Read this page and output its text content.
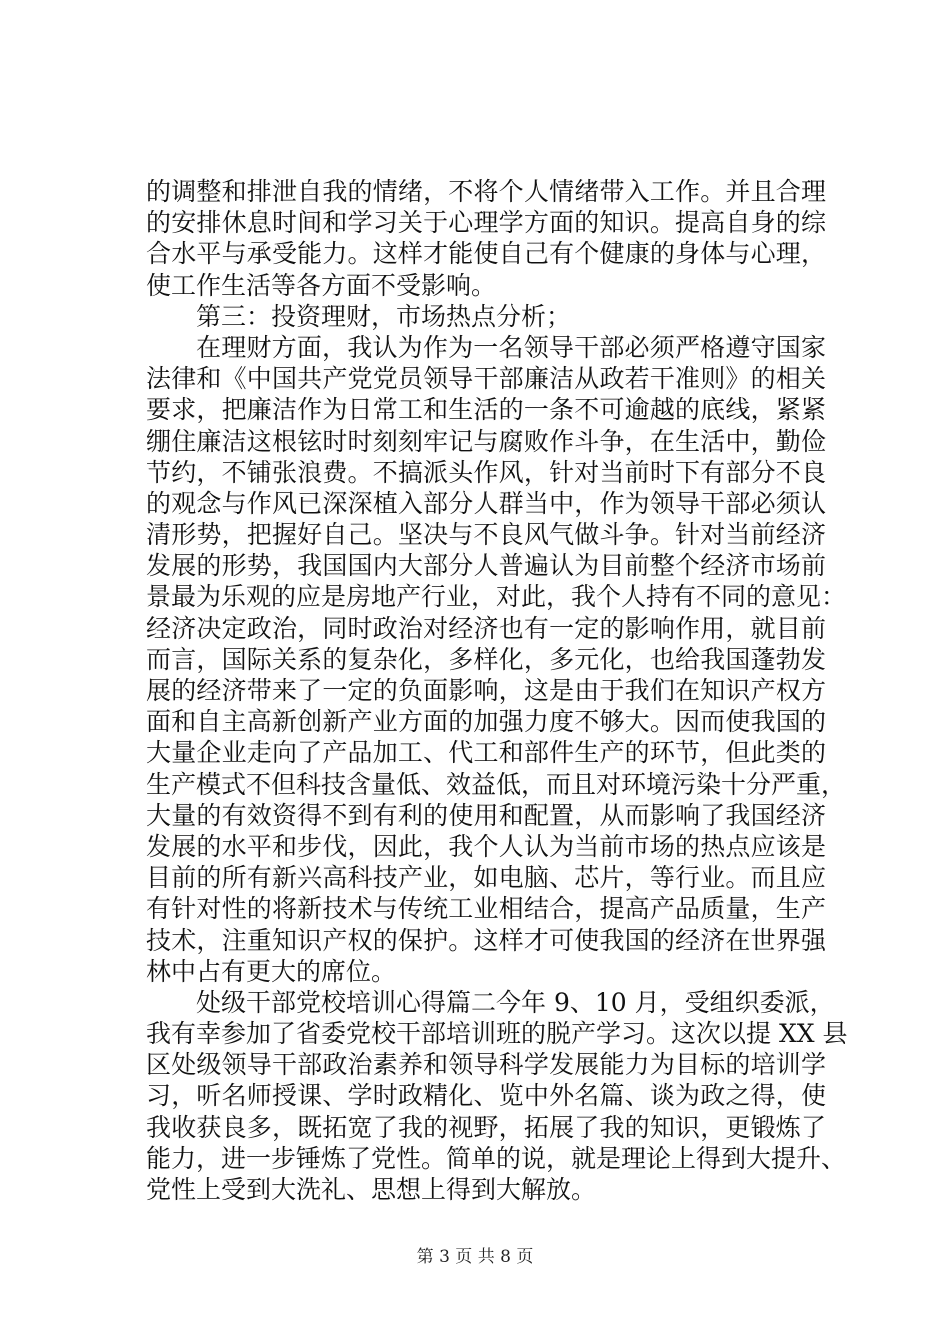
的调整和排泄自我的情绪，不将个人情绪带入工作。并且合理
的安排休息时间和学习关于心理学方面的知识。提高自身的综
合水平与承受能力。这样才能使自己有个健康的身体与心理，
使工作生活等各方面不受影响。
第三：投资理财，市场热点分析；
在理财方面，我认为作为一名领导干部必须严格遵守国家
法律和《中国共产党党员领导干部廉洁从政若干准则》的相关
要求，把廉洁作为日常工和生活的一条不可逾越的底线，紧紧
绷住廉洁这根铉时时刻刻牢记与腐败作斗争，在生活中，勤俭
节约，不铺张浪费。不搞派头作风，针对当前时下有部分不良
的观念与作风已深深植入部分人群当中，作为领导干部必须认
清形势，把握好自己。坚决与不良风气做斗争。针对当前经济
发展的形势，我国国内大部分人普遍认为目前整个经济市场前
景最为乐观的应是房地产行业，对此，我个人持有不同的意见：
经济决定政治，同时政治对经济也有一定的影响作用，就目前
而言，国际关系的复杂化，多样化，多元化，也给我国蓬勃发
展的经济带来了一定的负面影响，这是由于我们在知识产权方
面和自主高新创新产业方面的加强力度不够大。因而使我国的
大量企业走向了产品加工、代工和部件生产的环节，但此类的
生产模式不但科技含量低、效益低，而且对环境污染十分严重，
大量的有效资得不到有利的使用和配置，从而影响了我国经济
发展的水平和步伐，因此，我个人认为当前市场的热点应该是
目前的所有新兴高科技产业，如电脑、芯片，等行业。而且应
有针对性的将新技术与传统工业相结合，提高产品质量，生产
技术，注重知识产权的保护。这样才可使我国的经济在世界强
林中占有更大的席位。
处级干部党校培训心得篇二今年 9、10 月，受组织委派，
我有幸参加了省委党校干部培训班的脱产学习。这次以提 XX 县
区处级领导干部政治素养和领导科学发展能力为目标的培训学
习，听名师授课、学时政精化、览中外名篇、谈为政之得，使
我收获良多，既拓宽了我的视野，拓展了我的知识，更锻炼了
能力，进一步锤炼了党性。简单的说，就是理论上得到大提升、
党性上受到大洗礼、思想上得到大解放。
第 3 页 共 8 页
